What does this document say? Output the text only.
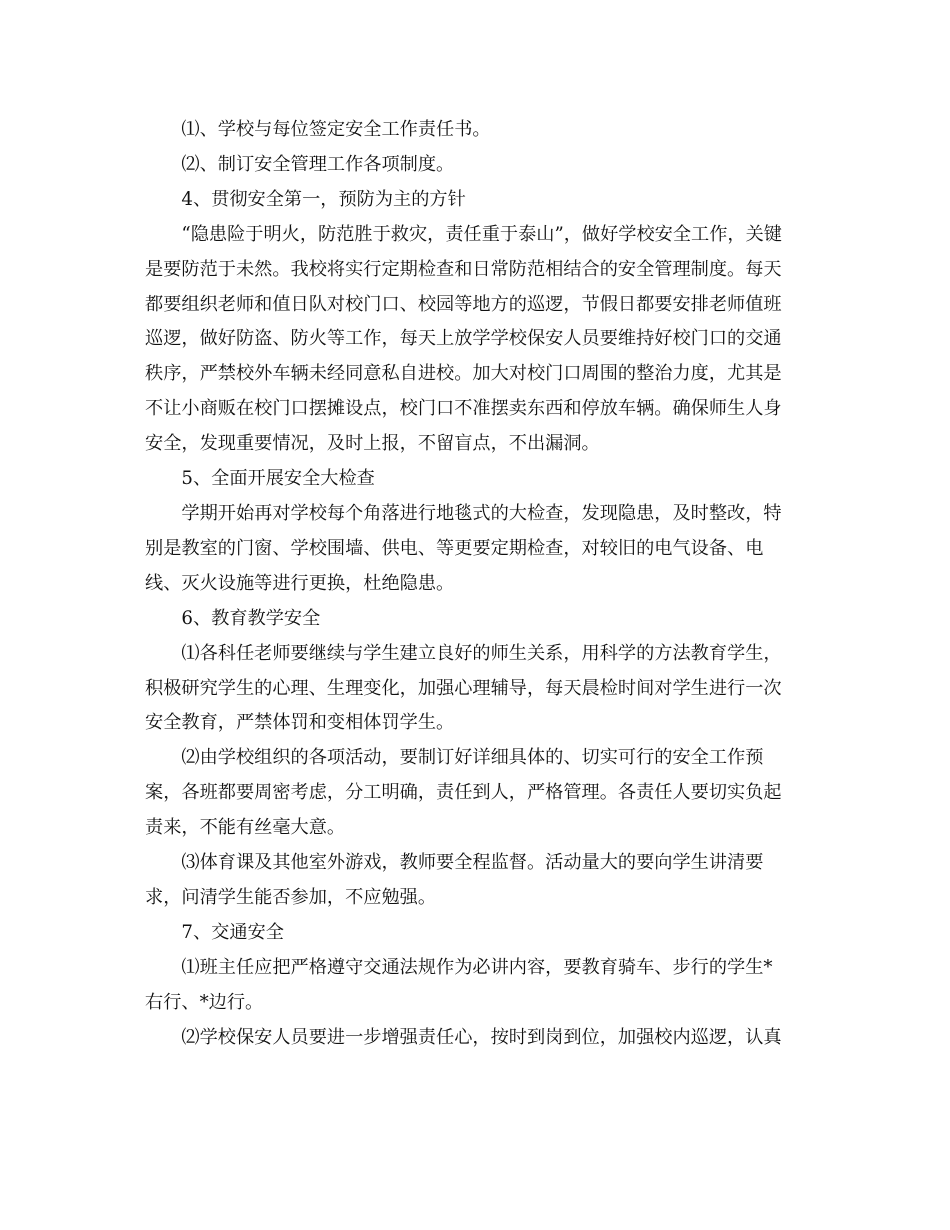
⑴、学校与每位签定安全工作责任书。

⑵、制订安全管理工作各项制度。

4、贯彻安全第一，预防为主的方针

“隐患险于明火，防范胜于救灾，责任重于泰山”，做好学校安全工作，关键
是要防范于未然。我校将实行定期检查和日常防范相结合的安全管理制度。每天
都要组织老师和值日队对校门口、校园等地方的巡逻，节假日都要安排老师值班
巡逻，做好防盗、防火等工作，每天上放学学校保安人员要维持好校门口的交通
秩序，严禁校外车辆未经同意私自进校。加大对校门口周围的整治力度，尤其是
不让小商贩在校门口摆摊设点，校门口不准摆卖东西和停放车辆。确保师生人身
安全，发现重要情况，及时上报，不留盲点，不出漏洞。

5、全面开展安全大检查

学期开始再对学校每个角落进行地毯式的大检查，发现隐患，及时整改，特
别是教室的门窗、学校围墙、供电、等更要定期检查，对较旧的电气设备、电
线、灭火设施等进行更换，杜绝隐患。

6、教育教学安全

⑴各科任老师要继续与学生建立良好的师生关系，用科学的方法教育学生，
积极研究学生的心理、生理变化，加强心理辅导，每天晨检时间对学生进行一次
安全教育，严禁体罚和变相体罚学生。

⑵由学校组织的各项活动，要制订好详细具体的、切实可行的安全工作预
案，各班都要周密考虑，分工明确，责任到人，严格管理。各责任人要切实负起
责来，不能有丝毫大意。

⑶体育课及其他室外游戏，教师要全程监督。活动量大的要向学生讲清要
求，问清学生能否参加，不应勉强。

7、交通安全

⑴班主任应把严格遵守交通法规作为必讲内容，要教育骑车、步行的学生*
右行、*边行。

⑵学校保安人员要进一步增强责任心，按时到岗到位，加强校内巡逻，认真
